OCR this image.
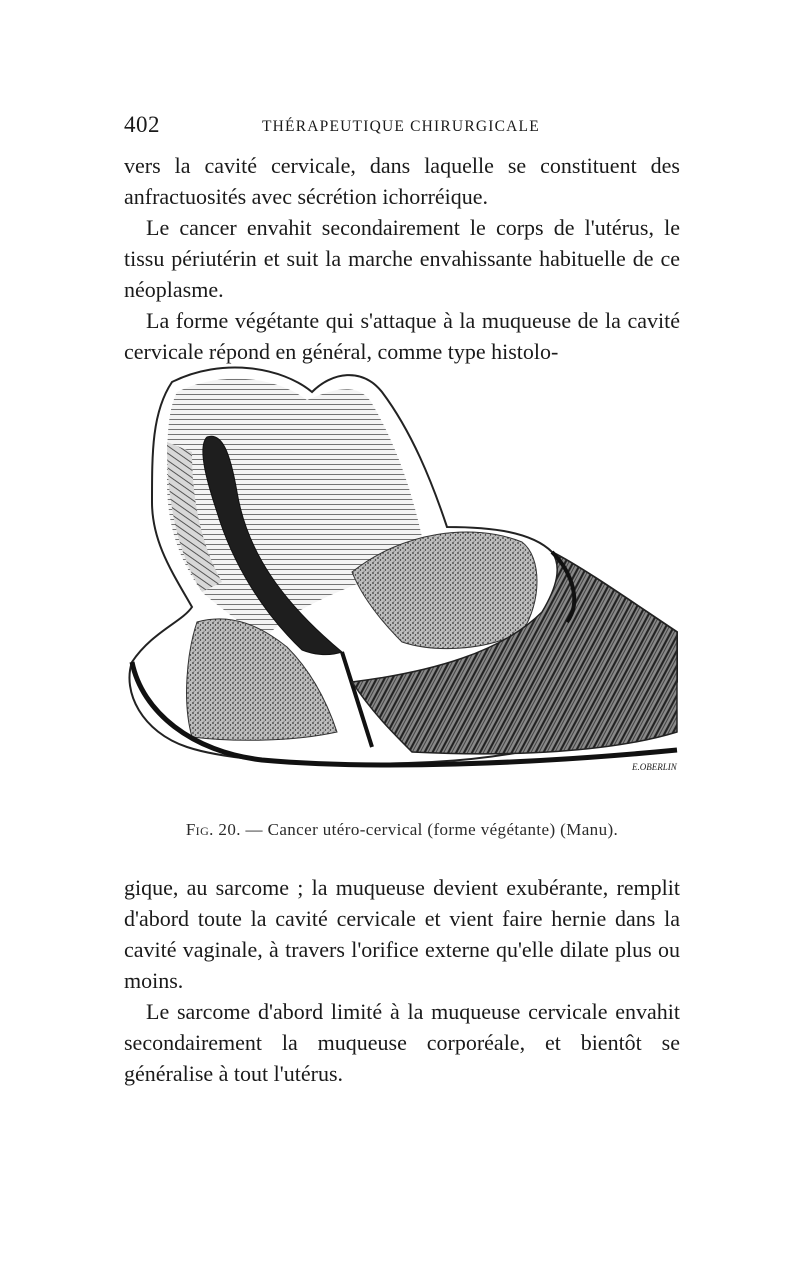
402	THÉRAPEUTIQUE CHIRURGICALE

vers la cavité cervicale, dans laquelle se constituent des anfractuosités avec sécrétion ichorréique.

Le cancer envahit secondairement le corps de l'utérus, le tissu périutérin et suit la marche envahissante habituelle de ce néoplasme.

La forme végétante qui s'attaque à la muqueuse de la cavité cervicale répond en général, comme type histolo-

E.OBERLIN
Fig. 20. — Cancer utéro-cervical (forme végétante) (Manu).

gique, au sarcome ; la muqueuse devient exubérante, remplit d'abord toute la cavité cervicale et vient faire hernie dans la cavité vaginale, à travers l'orifice externe qu'elle dilate plus ou moins.

Le sarcome d'abord limité à la muqueuse cervicale envahit secondairement la muqueuse corporéale, et bientôt se généralise à tout l'utérus.
